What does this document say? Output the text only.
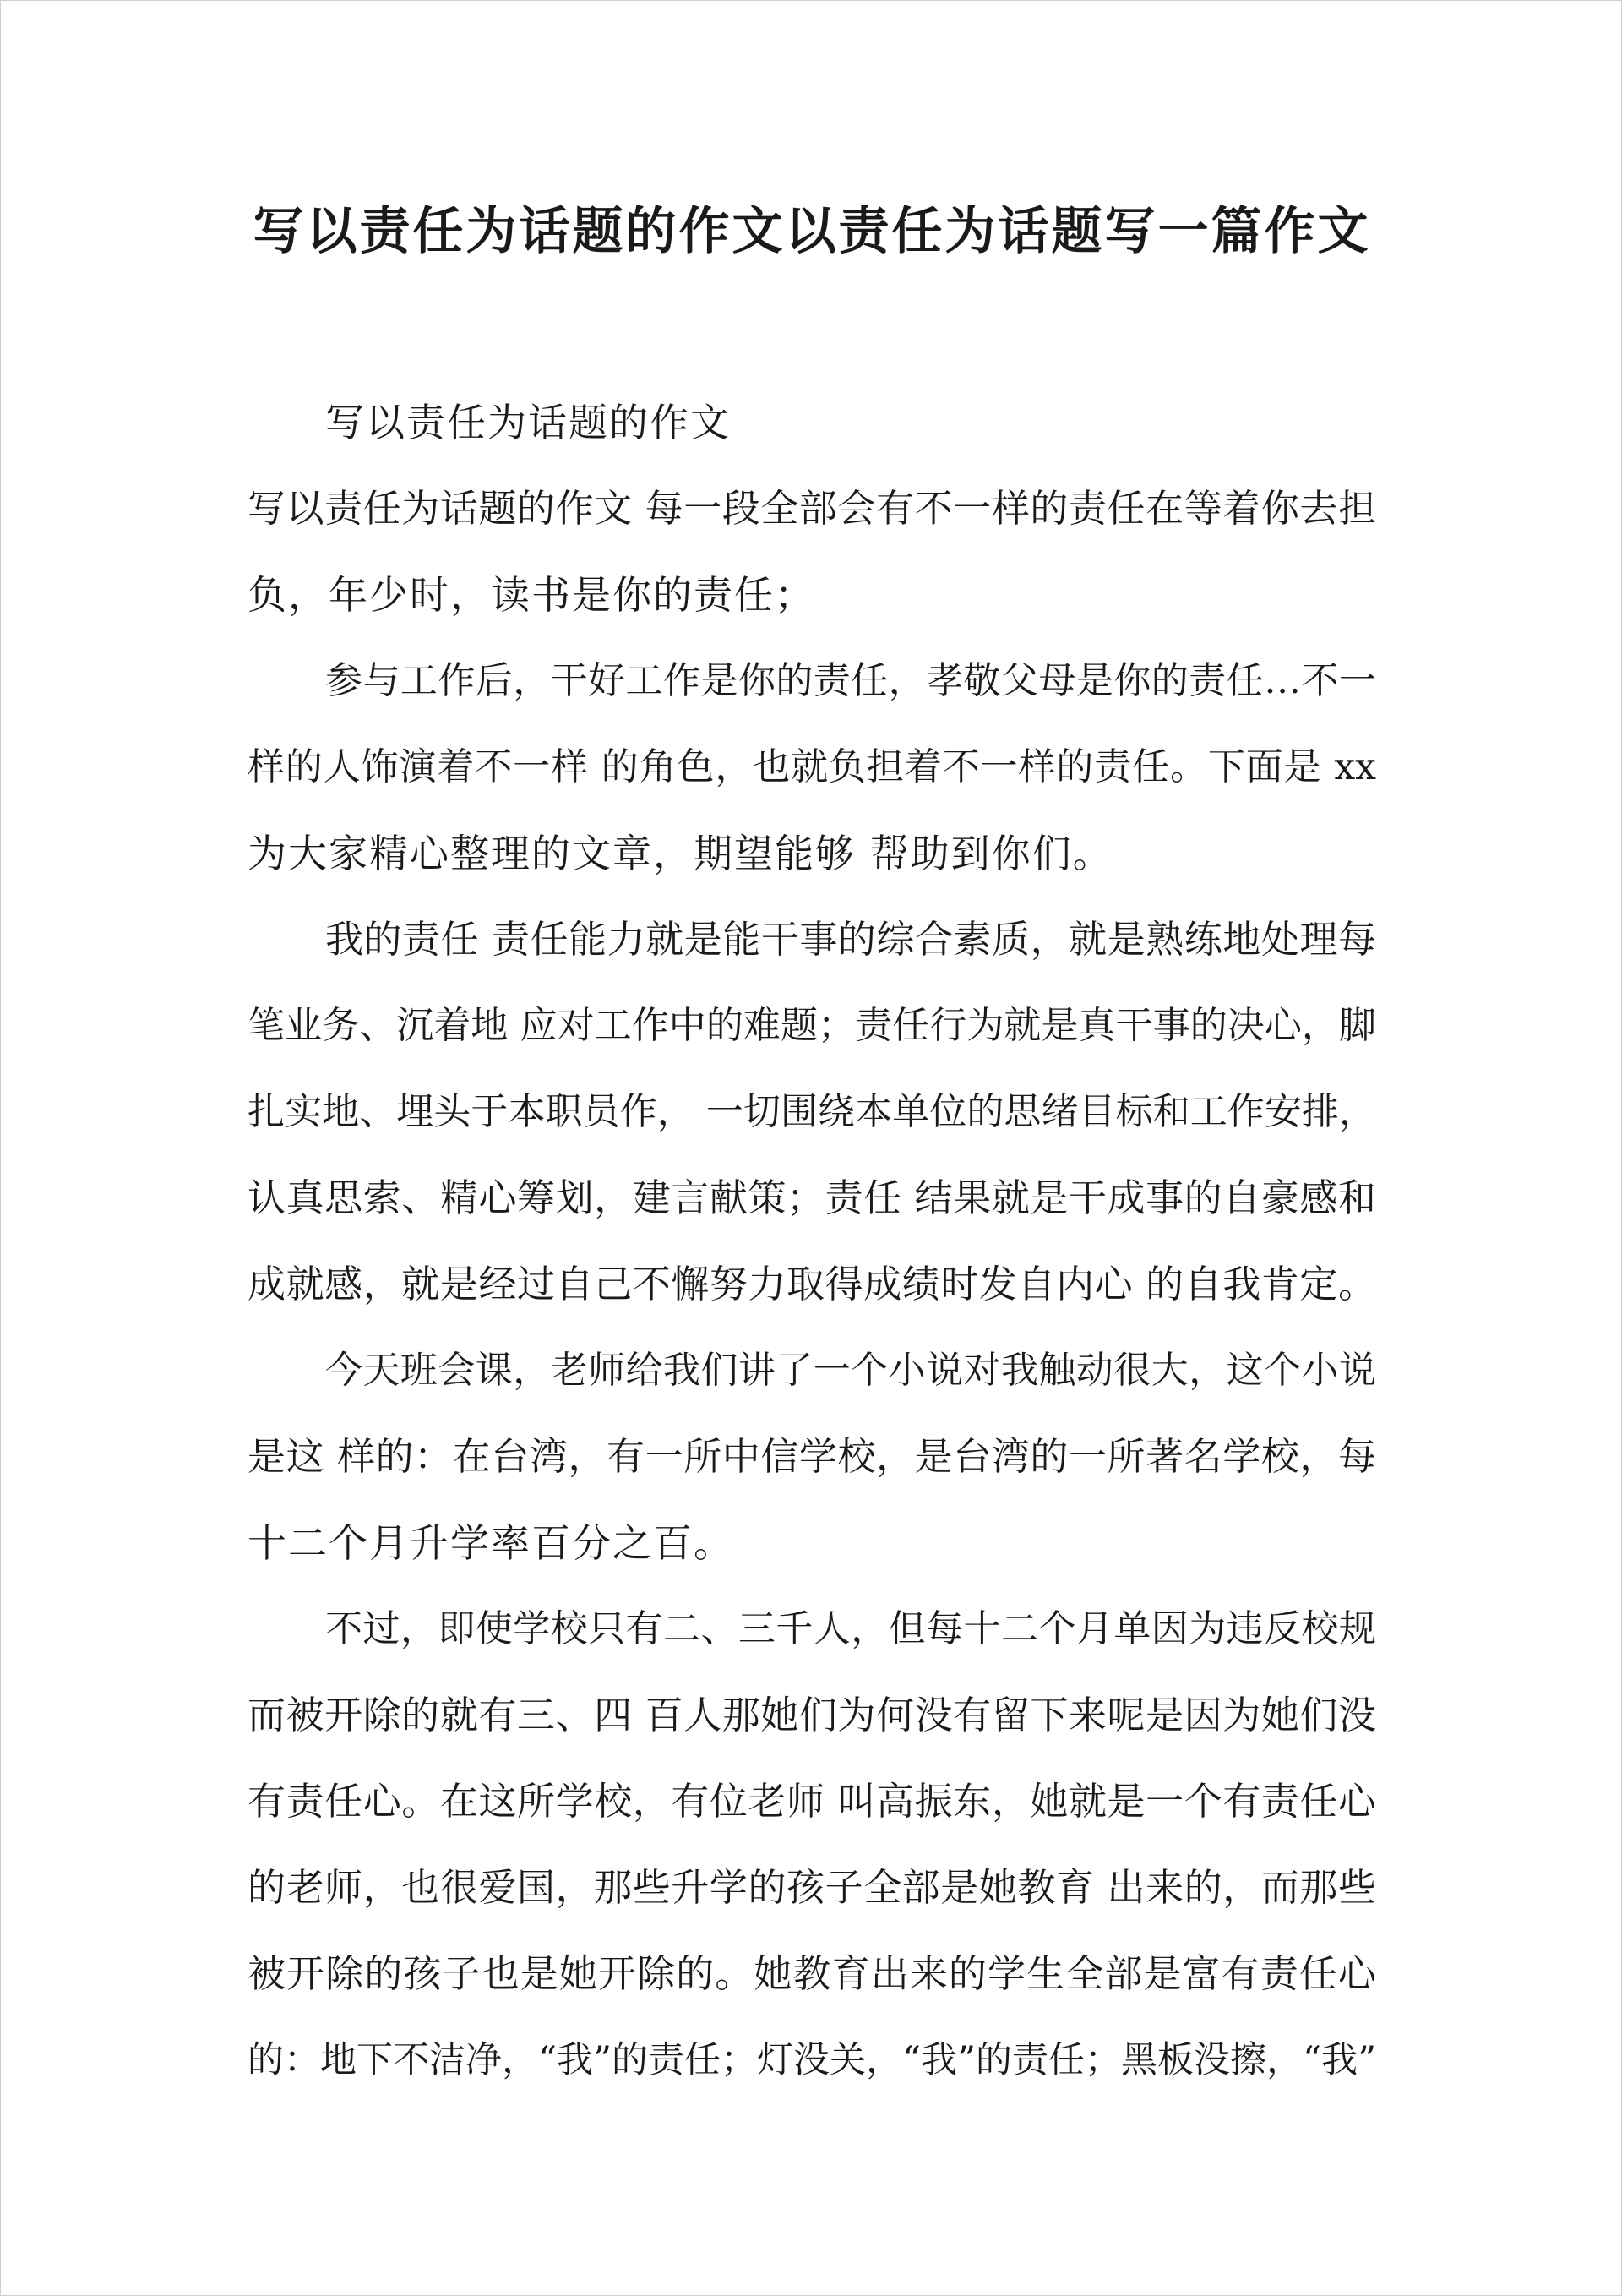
写以责任为话题的作文以责任为话题写一篇作文
写以责任为话题的作文
写以责任为话题的作文 每一段全部会有不一样的责任在等着你去担
负，年少时，读书是你的责任；
参与工作后，干好工作是你的责任，孝敬父母是你的责任…不一
样的人饰演着不一样 的角色，也就负担着不一样的责任。下面是 xx
为大家精心整理的文章，期望能够 帮助到你们。
我的责任 责任能力就是能干事的综合素质，就是熟练地处理每
笔业务、沉着地 应对工作中的难题；责任行为就是真干事的决心，脚
扎实地、埋头于本职员作， 一切围绕本单位的思绪目标和工作安排，
认真思索、精心筹划，建言献策；责任 结果就是干成事的自豪感和
成就感，就是经过自己不懈努力取得成绩时发自内心 的自我肯定。
今天班会课，老师给我们讲了一个小说对我触动很大，这个小说
是这 样的：在台湾，有一所中信学校，是台湾的一所著名学校，每
十二个月升学率百分之百。
不过，即使学校只有二、三千人，但每十二个月单因为违反校规
而被开除的就有三、四 百人那她们为何没有留下来呢是因为她们没
有责任心。在这所学校，有位老师 叫高振东，她就是一个有责任心
的老师，也很爱国，那些升学的孩子全部是她教育 出来的，而那些
被开除的孩子也是她开除的。她教育出来的学生全部是富有责任心
的：地下不洁净，“我”的责任；灯没关，“我”的责任；黑板没擦，“我”
